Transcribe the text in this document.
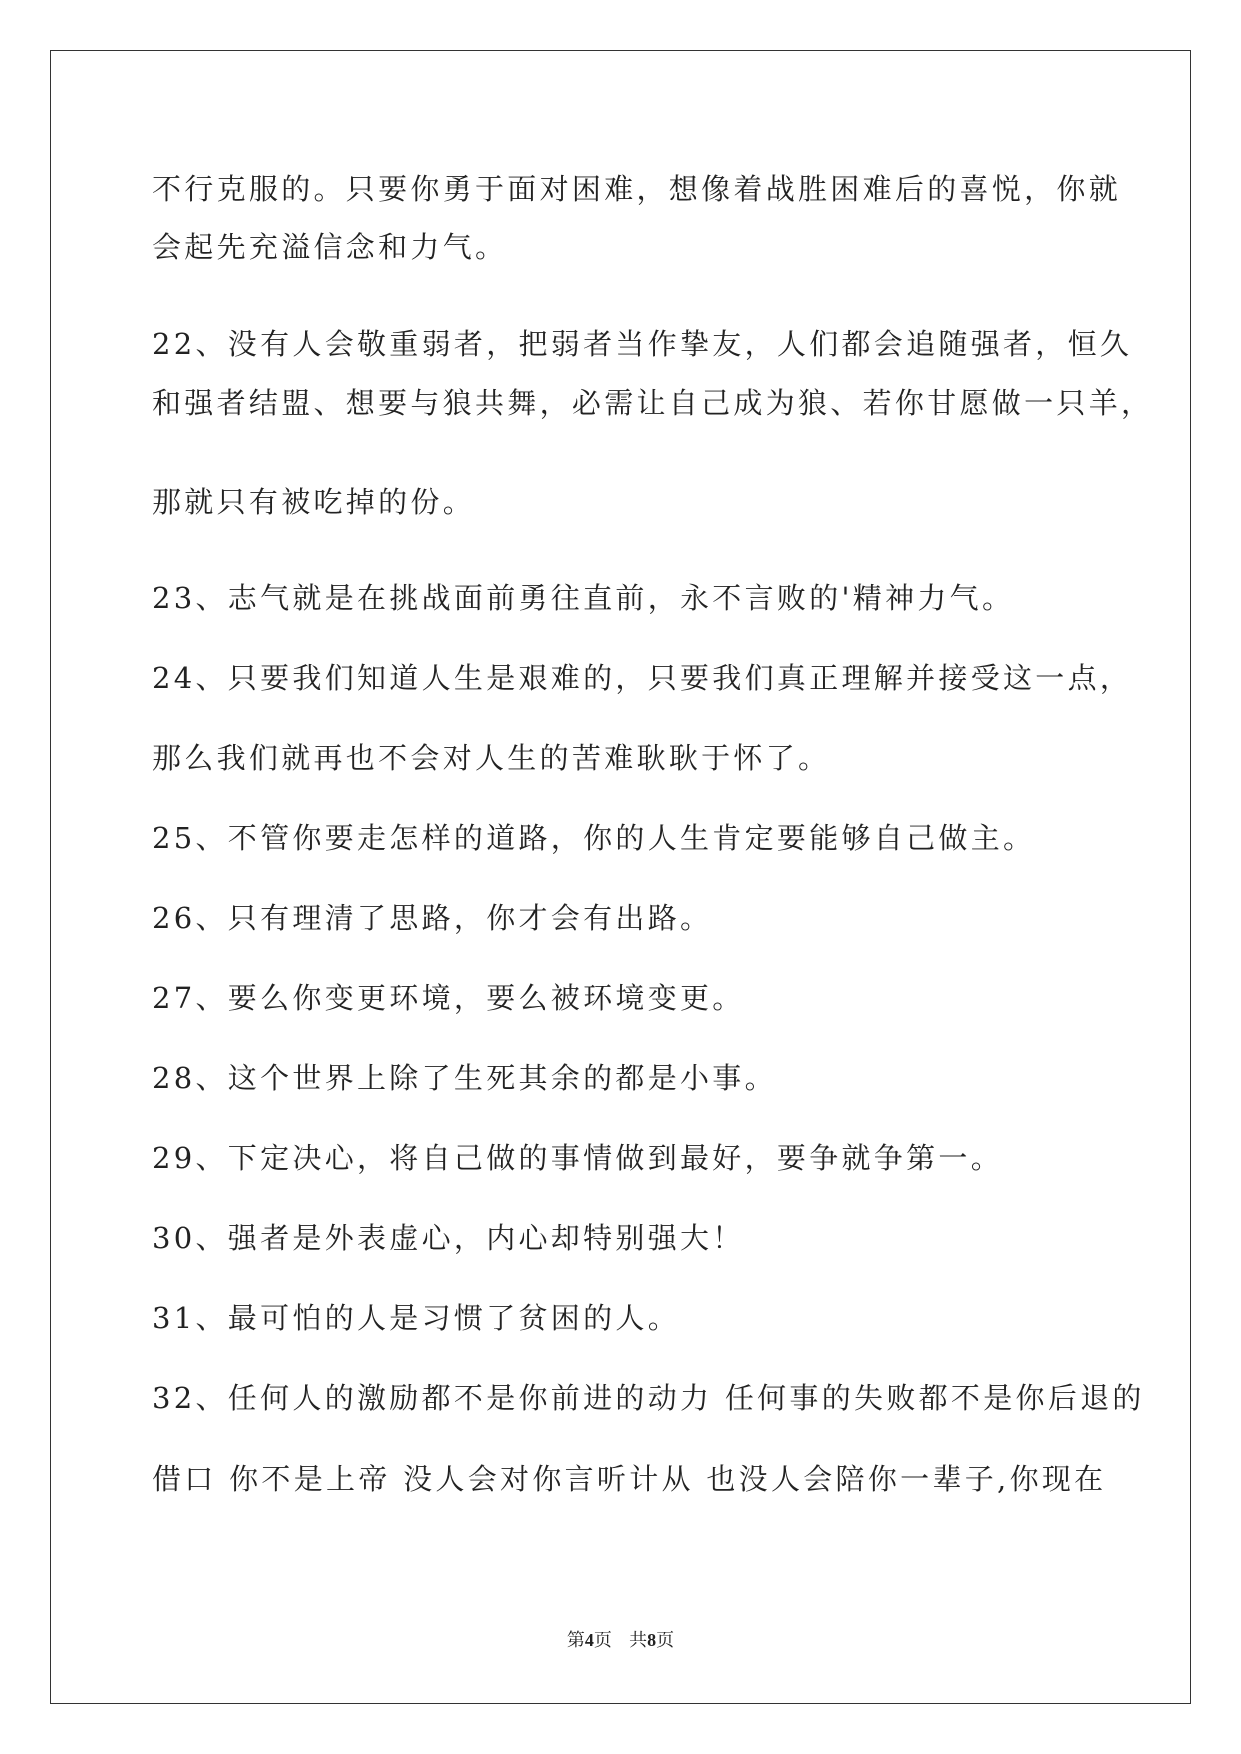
不行克服的。只要你勇于面对困难，想像着战胜困难后的喜悦，你就
会起先充溢信念和力气。
22、没有人会敬重弱者，把弱者当作挚友，人们都会追随强者，恒久
和强者结盟、想要与狼共舞，必需让自己成为狼、若你甘愿做一只羊，
那就只有被吃掉的份。
23、志气就是在挑战面前勇往直前，永不言败的'精神力气。
24、只要我们知道人生是艰难的，只要我们真正理解并接受这一点，
那么我们就再也不会对人生的苦难耿耿于怀了。
25、不管你要走怎样的道路，你的人生肯定要能够自己做主。
26、只有理清了思路，你才会有出路。
27、要么你变更环境，要么被环境变更。
28、这个世界上除了生死其余的都是小事。
29、下定决心，将自己做的事情做到最好，要争就争第一。
30、强者是外表虚心，内心却特别强大！
31、最可怕的人是习惯了贫困的人。
32、任何人的激励都不是你前进的动力 任何事的失败都不是你后退的
借口 你不是上帝 没人会对你言听计从 也没人会陪你一辈子,你现在
第4页   共8页
